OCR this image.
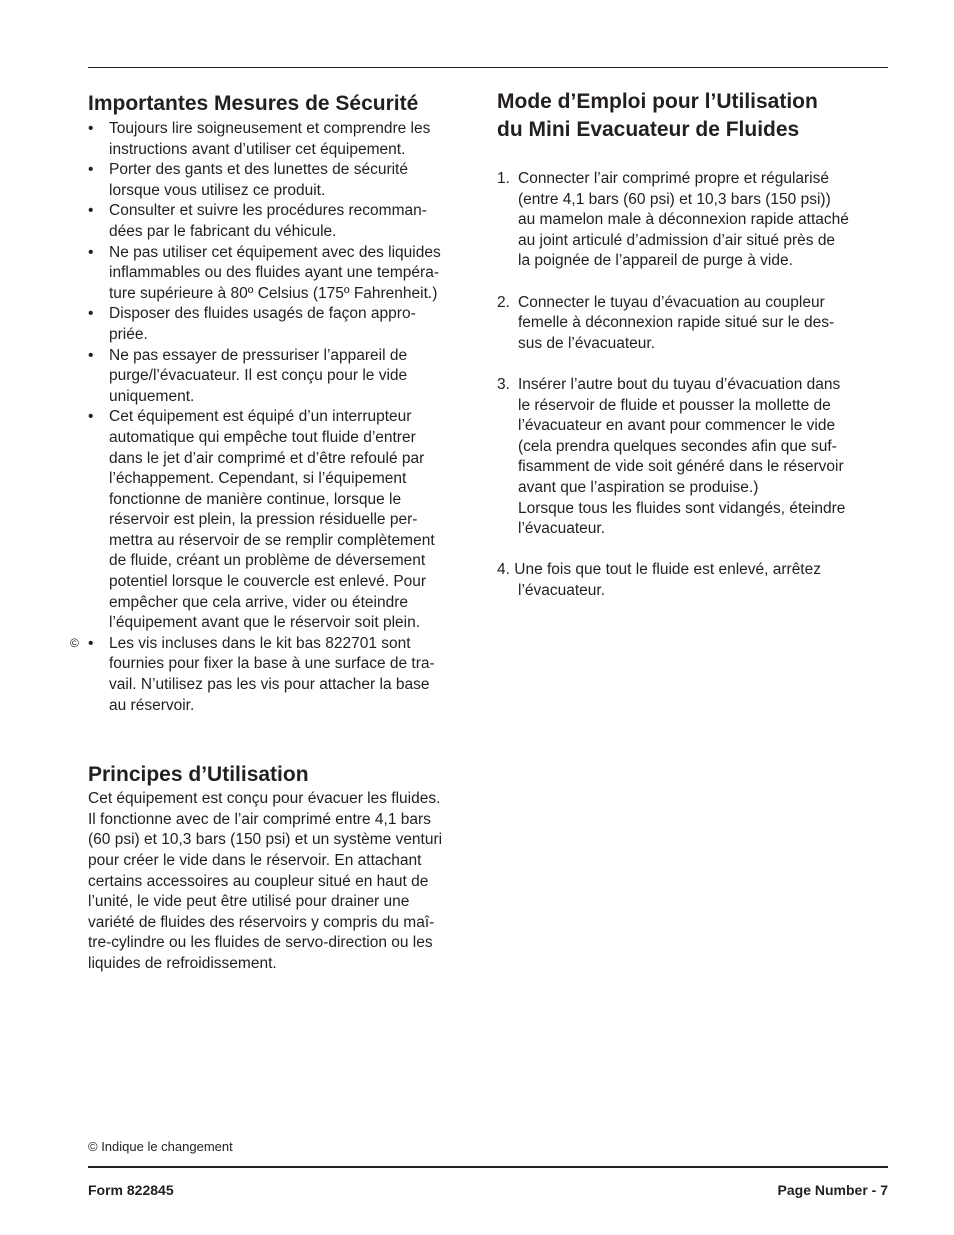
Importantes Mesures de Sécurité
• Toujours lire soigneusement et comprendre les
instructions avant d’utiliser cet équipement.
• Porter des gants et des lunettes de sécurité
lorsque vous utilisez ce produit.
• Consulter et suivre les procédures recomman-
dées par le fabricant du véhicule.
• Ne pas utiliser cet équipement avec des liquides
inflammables ou des fluides ayant une tempéra-
ture supérieure à 80º Celsius (175º Fahrenheit.)
• Disposer des fluides usagés de façon appro-
priée.
• Ne pas essayer de pressuriser l’appareil de
purge/l’évacuateur. Il est conçu pour le vide
uniquement.
• Cet équipement est équipé d’un interrupteur
automatique qui empêche tout fluide d’entrer
dans le jet d’air comprimé et d’être refoulé par
l’échappement. Cependant, si l’équipement
fonctionne de manière continue, lorsque le
réservoir est plein, la pression résiduelle per-
mettra au réservoir de se remplir complètement
de fluide, créant un problème de déversement
potentiel lorsque le couvercle est enlevé. Pour
empêcher que cela arrive, vider ou éteindre
l’équipement avant que le réservoir soit plein.
•
© Les vis incluses dans le kit bas 822701 sont
fournies pour fixer la base à une surface de tra-
vail. N’utilisez pas les vis pour attacher la base
au réservoir.
Principes d’Utilisation
Cet équipement est conçu pour évacuer les fluides.
Il fonctionne avec de l’air comprimé entre 4,1 bars
(60 psi) et 10,3 bars (150 psi) et un système venturi
pour créer le vide dans le réservoir. En attachant
certains accessoires au coupleur situé en haut de
l’unité, le vide peut être utilisé pour drainer une
variété de fluides des réservoirs y compris du maî-
tre-cylindre ou les fluides de servo-direction ou les
liquides de refroidissement.
Mode d’Emploi pour l’Utilisation
du Mini Evacuateur de Fluides
1. Connecter l’air comprimé propre et régularisé
(entre 4,1 bars (60 psi) et 10,3 bars (150 psi))
au mamelon male à déconnexion rapide attaché
au joint articulé d’admission d’air situé près de
la poignée de l’appareil de purge à vide.
2. Connecter le tuyau d’évacuation au coupleur
femelle à déconnexion rapide situé sur le des-
sus de l’évacuateur.
3. Insérer l’autre bout du tuyau d’évacuation dans
le réservoir de fluide et pousser la mollette de
l’évacuateur en avant pour commencer le vide
(cela prendra quelques secondes afin que suf-
fisamment de vide soit généré dans le réservoir
avant que l’aspiration se produise.)
Lorsque tous les fluides sont vidangés, éteindre
l’évacuateur.
4. Une fois que tout le fluide est enlevé, arrêtez
l’évacuateur.
© Indique le changement
Form 822845	Page Number - 7
